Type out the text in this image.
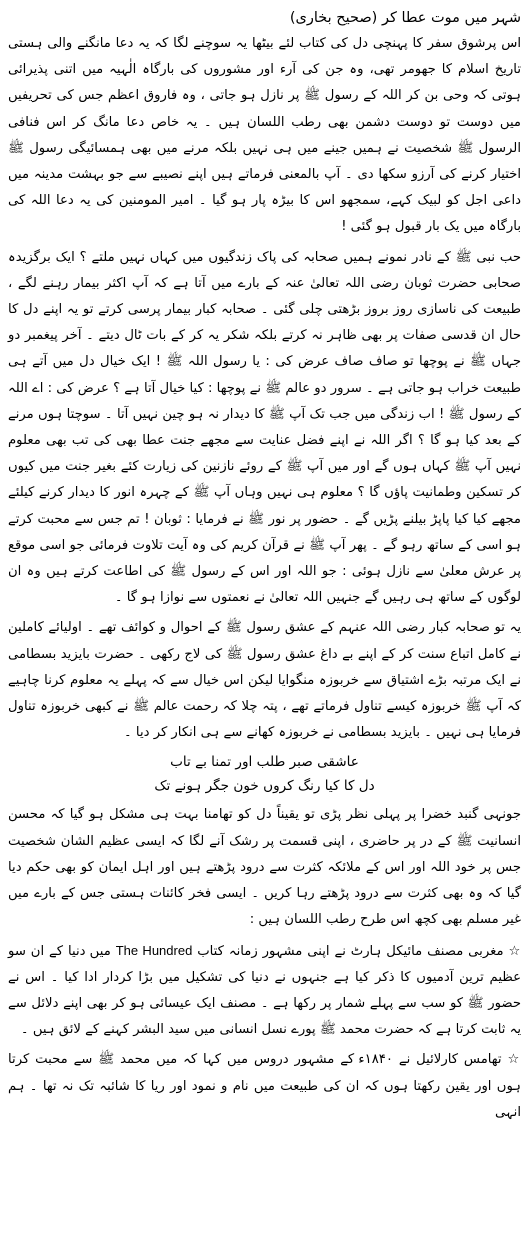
شہر میں موت عطا کر (صحیح بخاری)

اس پرشوق سفر کا پہنچی دل کی کتاب لئے بیٹھا یہ سوچنے لگا کہ یہ دعا مانگنے والی ہستی تاریخ اسلام کا جھومر تھی، وہ جن کی آرء اور مشوروں کی بارگاہ الٰہیہ میں اتنی پذیرائی ہوتی کہ وحی بن کر اللہ کے رسول ﷺ پر نازل ہو جاتی ، وہ فاروق اعظم جس کی تحریفیں میں دوست تو دوست دشمن بھی رطب اللسان ہیں ۔ یہ خاص دعا مانگ کر اس فنافی الرسول ﷺ شخصیت نے ہمیں جینے میں ہی نہیں بلکہ مرنے میں بھی ہمسائیگی رسول ﷺ اختیار کرنے کی آرزو سکھا دی ۔ آپ بالمعنی فرماتے ہیں اپنے نصیبے سے جو بہشت مدینہ میں داعی اجل کو لبیک کہے، سمجھو اس کا بیڑہ پار ہو گیا ۔ امیر المومنین کی یہ دعا اللہ کی بارگاہ میں یک بار قبول ہو گئی !

حب نبی ﷺ کے نادر نمونے ہمیں صحابہ کی پاک زندگیوں میں کہاں نہیں ملتے ؟ ایک برگزیدہ صحابی حضرت ثوبان رضی اللہ تعالیٰ عنہ کے بارے میں آتا ہے کہ آپ اکثر بیمار رہنے لگے ، طبیعت کی ناسازی روز بروز بڑھتی چلی گئی ۔ صحابہ کبار بیمار پرسی کرتے تو یہ اپنے دل کا حال ان قدسی صفات پر بھی ظاہر نہ کرتے بلکہ شکر یہ کر کے بات ٹال دیتے ۔ آخر پیغمبر دو جہاں ﷺ نے پوچھا تو صاف صاف عرض کی : یا رسول اللہ ﷺ ! ایک خیال دل میں آتے ہی طبیعت خراب ہو جاتی ہے ۔ سرور دو عالم ﷺ نے پوچھا : کیا خیال آتا ہے ؟ عرض کی : اے اللہ کے رسول ﷺ ! اب زندگی میں جب تک آپ ﷺ کا دیدار نہ ہو چین نہیں آتا ۔ سوچتا ہوں مرنے کے بعد کیا ہو گا ؟ اگر اللہ نے اپنے فضل عنایت سے مجھے جنت عطا بھی کی تب بھی معلوم نہیں آپ ﷺ کہاں ہوں گے اور میں آپ ﷺ کے روئے نازنین کی زیارت کئے بغیر جنت میں کیوں کر تسکین وطمانیت پاؤں گا ؟ معلوم ہی نہیں وہاں آپ ﷺ کے چہرہ انور کا دیدار کرنے کیلئے مجھے کیا کیا پاپڑ بیلنے پڑیں گے ۔ حضور پر نور ﷺ نے فرمایا : ثوبان ! تم جس سے محبت کرتے ہو اسی کے ساتھ رہو گے ۔ پھر آپ ﷺ نے قرآن کریم کی وہ آیت تلاوت فرمائی جو اسی موقع پر عرش معلیٰ سے نازل ہوئی : جو اللہ اور اس کے رسول ﷺ کی اطاعت کرتے ہیں وہ ان لوگوں کے ساتھ ہی رہیں گے جنہیں اللہ تعالیٰ نے نعمتوں سے نوازا ہو گا ۔

یہ تو صحابہ کبار رضی اللہ عنہم کے عشق رسول ﷺ کے احوال و کوائف تھے ۔ اولیائے کاملین نے کامل اتباع سنت کر کے اپنے بے داغ عشق رسول ﷺ کی لاج رکھی ۔ حضرت بایزید بسطامی نے ایک مرتبہ بڑے اشتیاق سے خربوزہ منگوایا لیکن اس خیال سے کہ پہلے یہ معلوم کرنا چاہیے کہ آپ ﷺ خربوزہ کیسے تناول فرماتے تھے ، پتہ چلا کہ رحمت عالم ﷺ نے کبھی خربوزہ تناول فرمایا ہی نہیں ۔ بایزید بسطامی نے خربوزہ کھانے سے ہی انکار کر دیا ۔

عاشقی صبر طلب اور تمنا بے تاب

دل کا کیا رنگ کروں خون جگر ہونے تک

جونہی گنبد خضرا پر پہلی نظر پڑی تو یقیناً دل کو تھامنا بہت ہی مشکل ہو گیا کہ محسن انسانیت ﷺ کے در پر حاضری ، اپنی قسمت پر رشک آنے لگا کہ ایسی عظیم الشان شخصیت جس پر خود اللہ اور اس کے ملائکہ کثرت سے درود پڑھتے ہیں اور اہل ایمان کو بھی حکم دیا گیا کہ وہ بھی کثرت سے درود پڑھتے رہا کریں ۔ ایسی فخر کائنات ہستی جس کے بارے میں غیر مسلم بھی کچھ اس طرح رطب اللسان ہیں :

☆ مغربی مصنف مائیکل ہارٹ نے اپنی مشہور زمانہ کتاب The Hundred میں دنیا کے ان سو عظیم ترین آدمیوں کا ذکر کیا ہے جنہوں نے دنیا کی تشکیل میں بڑا کردار ادا کیا ۔ اس نے حضور ﷺ کو سب سے پہلے شمار پر رکھا ہے ۔ مصنف ایک عیسائی ہو کر بھی اپنے دلائل سے یہ ثابت کرتا ہے کہ حضرت محمد ﷺ پورے نسل انسانی میں سید البشر کہنے کے لائق ہیں ۔

☆ تھامس کارلائیل نے ۱۸۴۰ء کے مشہور دروس میں کہا کہ میں محمد ﷺ سے محبت کرتا ہوں اور یقین رکھتا ہوں کہ ان کی طبیعت میں نام و نمود اور ریا کا شائبہ تک نہ تھا ۔ ہم انہی
